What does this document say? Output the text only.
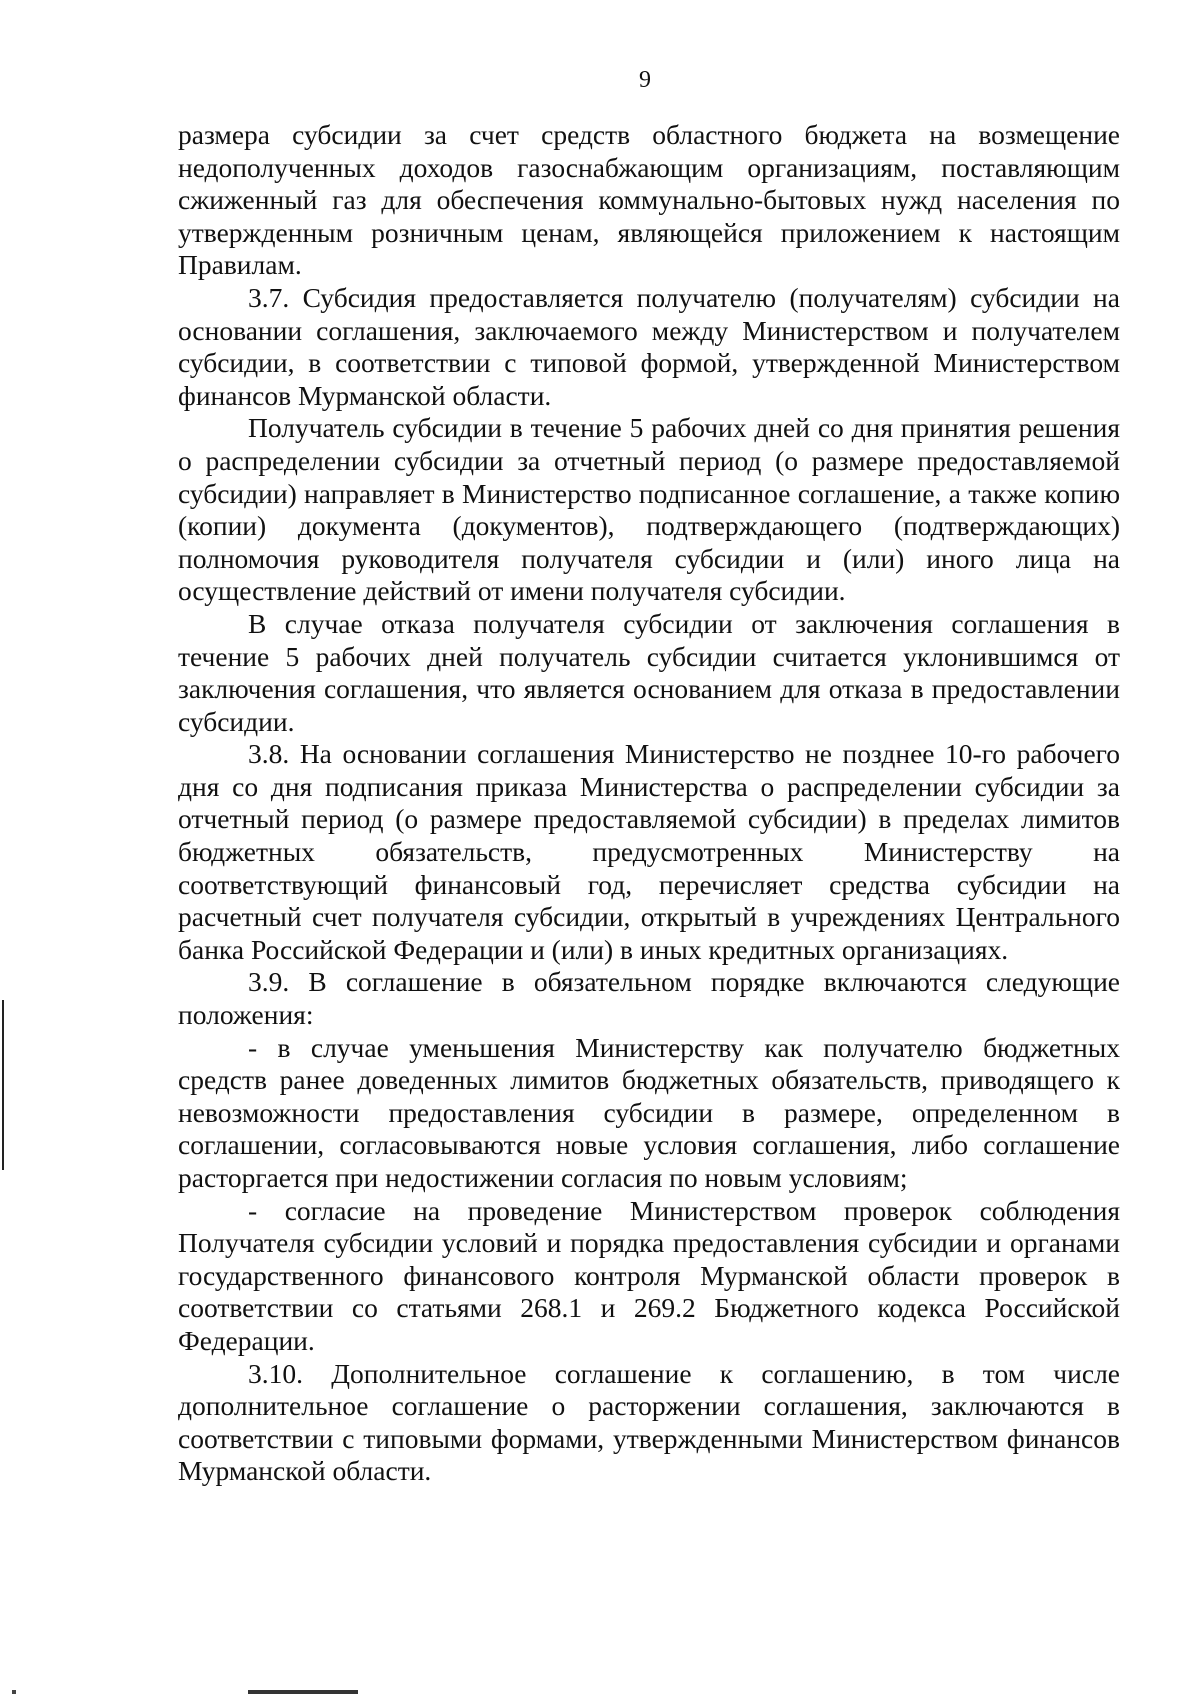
9

размера субсидии за счет средств областного бюджета на возмещение недополученных доходов газоснабжающим организациям, поставляющим сжиженный газ для обеспечения коммунально-бытовых нужд населения по утвержденным розничным ценам, являющейся приложением к настоящим Правилам.

3.7. Субсидия предоставляется получателю (получателям) субсидии на основании соглашения, заключаемого между Министерством и получателем субсидии, в соответствии с типовой формой, утвержденной Министерством финансов Мурманской области.

Получатель субсидии в течение 5 рабочих дней со дня принятия решения о распределении субсидии за отчетный период (о размере предоставляемой субсидии) направляет в Министерство подписанное соглашение, а также копию (копии) документа (документов), подтверждающего (подтверждающих) полномочия руководителя получателя субсидии и (или) иного лица на осуществление действий от имени получателя субсидии.

В случае отказа получателя субсидии от заключения соглашения в течение 5 рабочих дней получатель субсидии считается уклонившимся от заключения соглашения, что является основанием для отказа в предоставлении субсидии.

3.8. На основании соглашения Министерство не позднее 10-го рабочего дня со дня подписания приказа Министерства о распределении субсидии за отчетный период (о размере предоставляемой субсидии) в пределах лимитов бюджетных обязательств, предусмотренных Министерству на соответствующий финансовый год, перечисляет средства субсидии на расчетный счет получателя субсидии, открытый в учреждениях Центрального банка Российской Федерации и (или) в иных кредитных организациях.

3.9. В соглашение в обязательном порядке включаются следующие положения:

- в случае уменьшения Министерству как получателю бюджетных средств ранее доведенных лимитов бюджетных обязательств, приводящего к невозможности предоставления субсидии в размере, определенном в соглашении, согласовываются новые условия соглашения, либо соглашение расторгается при недостижении согласия по новым условиям;

- согласие на проведение Министерством проверок соблюдения Получателя субсидии условий и порядка предоставления субсидии и органами государственного финансового контроля Мурманской области проверок в соответствии со статьями 268.1 и 269.2 Бюджетного кодекса Российской Федерации.

3.10. Дополнительное соглашение к соглашению, в том числе дополнительное соглашение о расторжении соглашения, заключаются в соответствии с типовыми формами, утвержденными Министерством финансов Мурманской области.
